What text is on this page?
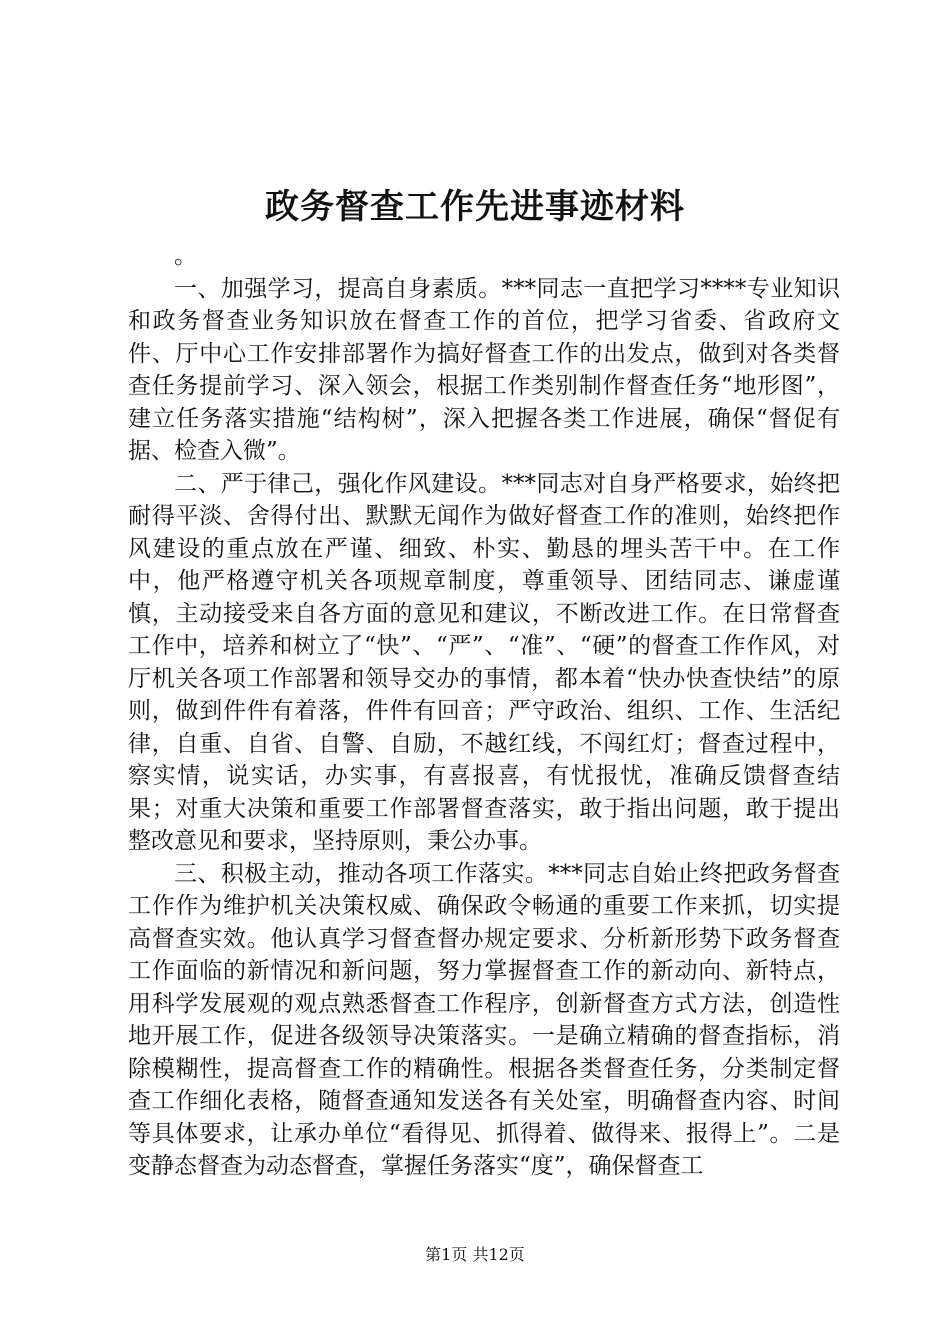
政务督查工作先进事迹材料

。

一、加强学习，提高自身素质。***同志一直把学习****专业知识和政务督查业务知识放在督查工作的首位，把学习省委、省政府文件、厅中心工作安排部署作为搞好督查工作的出发点，做到对各类督查任务提前学习、深入领会，根据工作类别制作督查任务“地形图”，建立任务落实措施“结构树”，深入把握各类工作进展，确保“督促有据、检查入微”。

二、严于律己，强化作风建设。***同志对自身严格要求，始终把耐得平淡、舍得付出、默默无闻作为做好督查工作的准则，始终把作风建设的重点放在严谨、细致、朴实、勤恳的埋头苦干中。在工作中，他严格遵守机关各项规章制度，尊重领导、团结同志、谦虚谨慎，主动接受来自各方面的意见和建议，不断改进工作。在日常督查工作中，培养和树立了“快”、“严”、“准”、“硬”的督查工作作风，对厅机关各项工作部署和领导交办的事情，都本着“快办快查快结”的原则，做到件件有着落，件件有回音；严守政治、组织、工作、生活纪律，自重、自省、自警、自励，不越红线，不闯红灯；督查过程中，察实情，说实话，办实事，有喜报喜，有忧报忧，准确反馈督查结果；对重大决策和重要工作部署督查落实，敢于指出问题，敢于提出整改意见和要求，坚持原则，秉公办事。

三、积极主动，推动各项工作落实。***同志自始止终把政务督查工作作为维护机关决策权威、确保政令畅通的重要工作来抓，切实提高督查实效。他认真学习督查督办规定要求、分析新形势下政务督查工作面临的新情况和新问题，努力掌握督查工作的新动向、新特点，用科学发展观的观点熟悉督查工作程序，创新督查方式方法，创造性地开展工作，促进各级领导决策落实。一是确立精确的督查指标，消除模糊性，提高督查工作的精确性。根据各类督查任务，分类制定督查工作细化表格，随督查通知发送各有关处室，明确督查内容、时间等具体要求，让承办单位“看得见、抓得着、做得来、报得上”。二是变静态督查为动态督查，掌握任务落实“度”，确保督查工

第1页 共12页
